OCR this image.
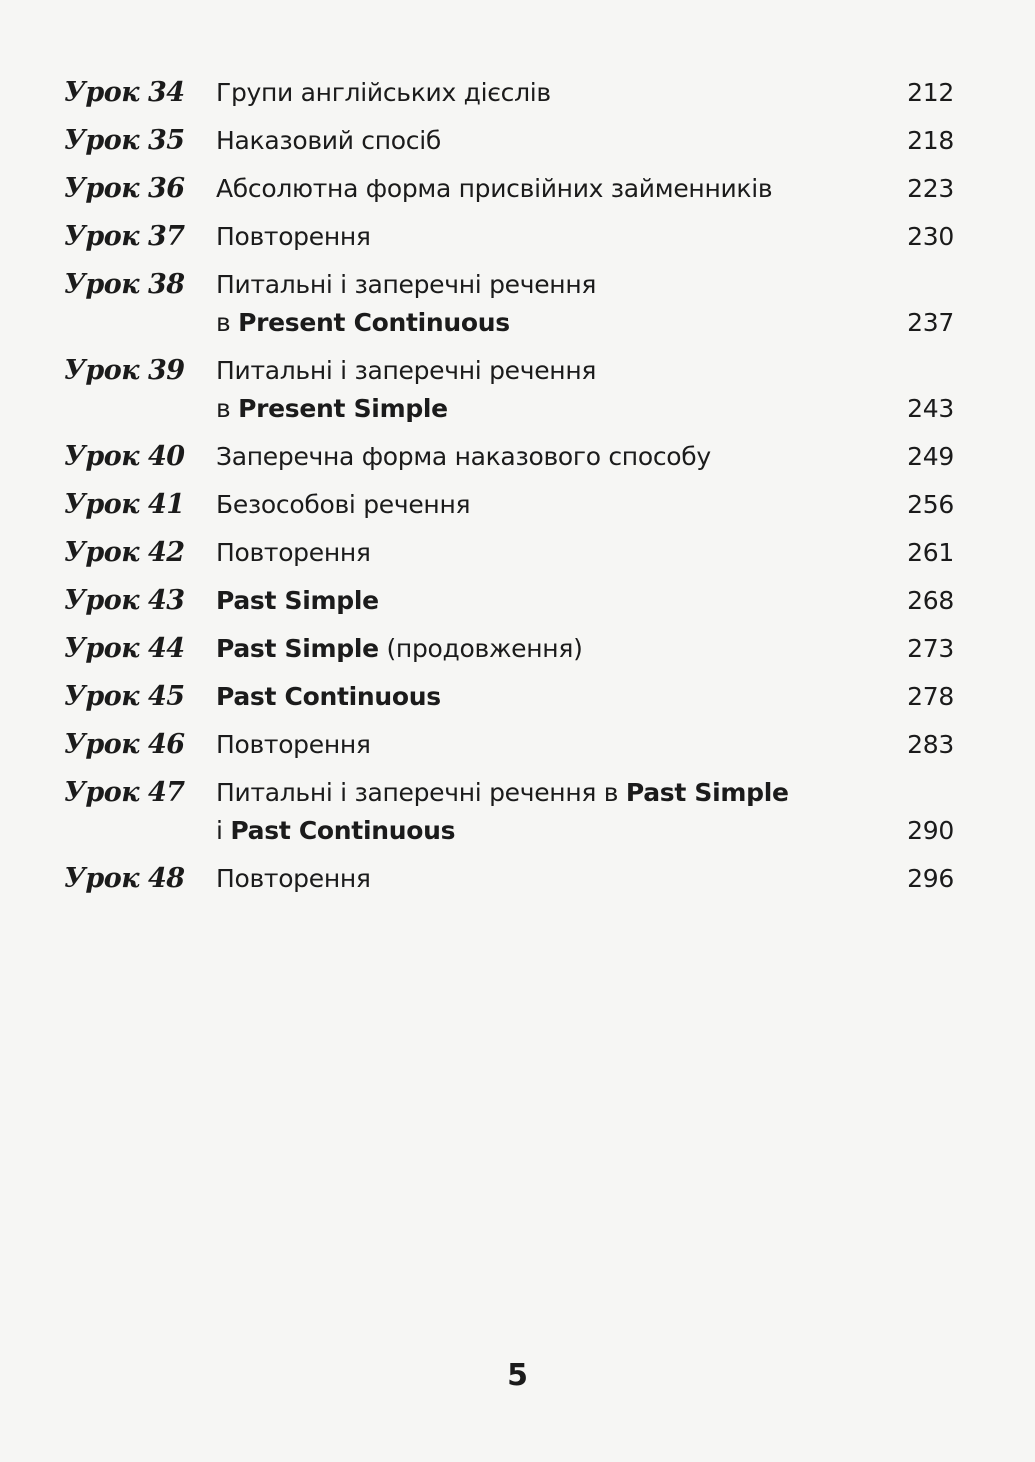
Урок 34	Групи англійських дієслів	212
Урок 35	Наказовий спосіб	218
Урок 36	Абсолютна форма присвійних займенників	223
Урок 37	Повторення	230
Урок 38	Питальні і заперечні речення
в Present Continuous	237
Урок 39	Питальні і заперечні речення
в Present Simple	243
Урок 40	Заперечна форма наказового способу	249
Урок 41	Безособові речення	256
Урок 42	Повторення	261
Урок 43	Past Simple	268
Урок 44	Past Simple (продовження)	273
Урок 45	Past Continuous	278
Урок 46	Повторення	283
Урок 47	Питальні і заперечні речення в Past Simple
і Past Continuous	290
Урок 48	Повторення	296
5
